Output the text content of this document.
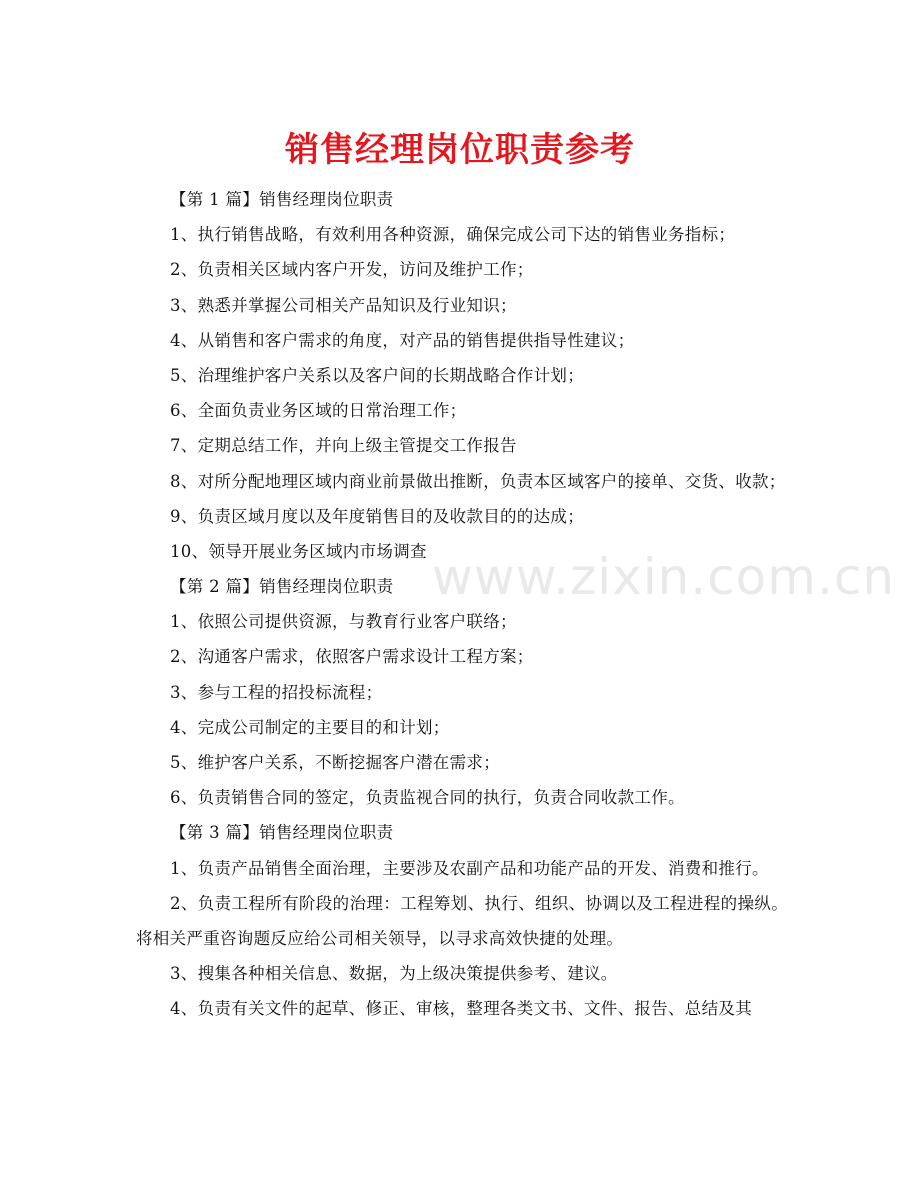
销售经理岗位职责参考
【第 1 篇】销售经理岗位职责
1、执行销售战略，有效利用各种资源，确保完成公司下达的销售业务指标；
2、负责相关区域内客户开发，访问及维护工作；
3、熟悉并掌握公司相关产品知识及行业知识；
4、从销售和客户需求的角度，对产品的销售提供指导性建议；
5、治理维护客户关系以及客户间的长期战略合作计划；
6、全面负责业务区域的日常治理工作；
7、定期总结工作，并向上级主管提交工作报告
8、对所分配地理区域内商业前景做出推断，负责本区域客户的接单、交货、收款；
9、负责区域月度以及年度销售目的及收款目的的达成；
10、领导开展业务区域内市场调查
【第 2 篇】销售经理岗位职责
1、依照公司提供资源，与教育行业客户联络；
2、沟通客户需求，依照客户需求设计工程方案；
3、参与工程的招投标流程；
4、完成公司制定的主要目的和计划；
5、维护客户关系，不断挖掘客户潜在需求；
6、负责销售合同的签定，负责监视合同的执行，负责合同收款工作。
【第 3 篇】销售经理岗位职责
1、负责产品销售全面治理，主要涉及农副产品和功能产品的开发、消费和推行。
2、负责工程所有阶段的治理：工程筹划、执行、组织、协调以及工程进程的操纵。将相关严重咨询题反应给公司相关领导，以寻求高效快捷的处理。
3、搜集各种相关信息、数据，为上级决策提供参考、建议。
4、负责有关文件的起草、修正、审核，整理各类文书、文件、报告、总结及其
www.zixin.com.cn
